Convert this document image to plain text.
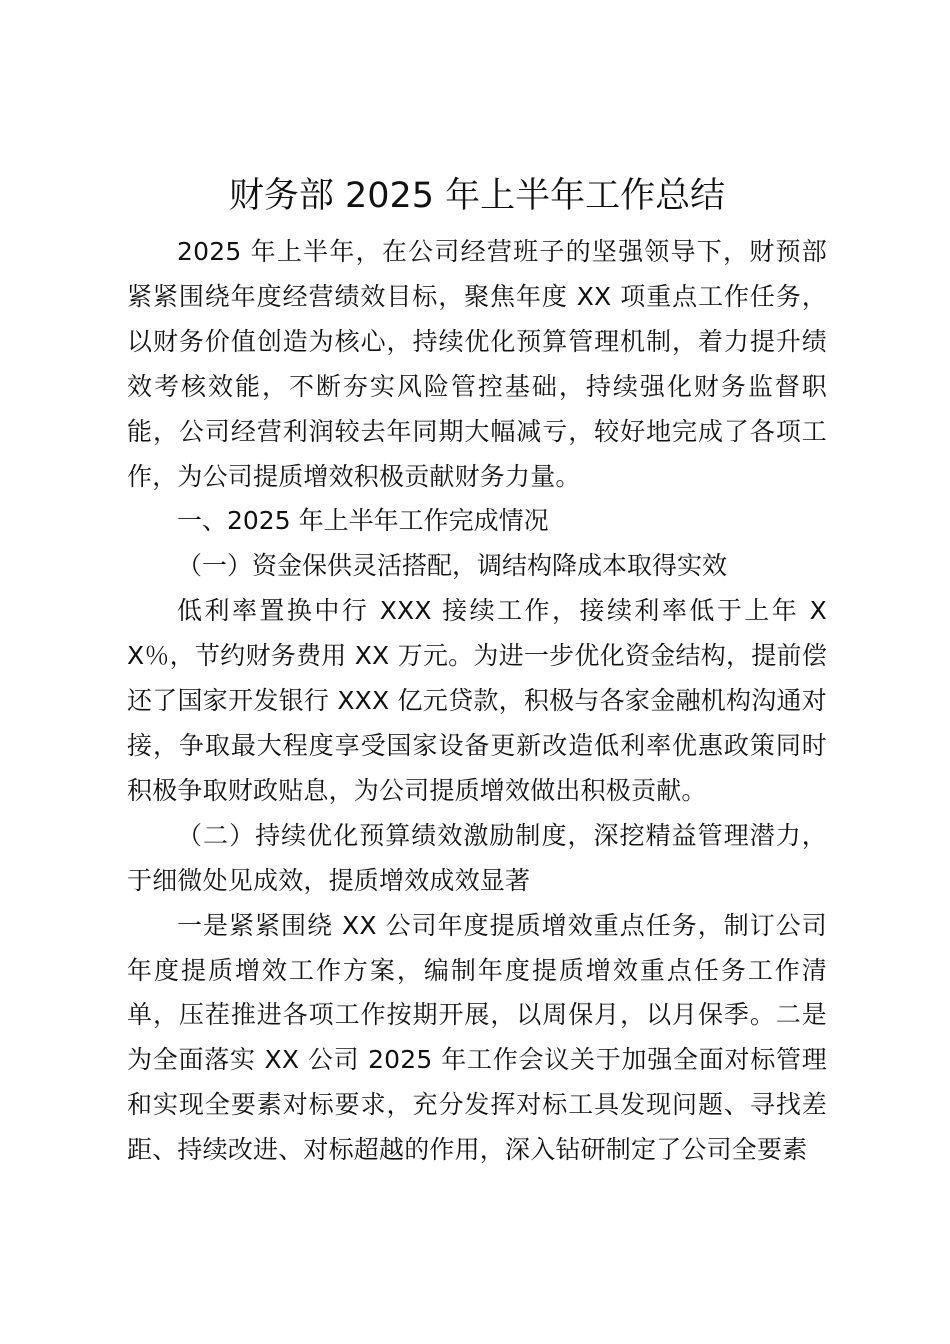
财务部 2025 年上半年工作总结

2025 年上半年，在公司经营班子的坚强领导下，财预部紧紧围绕年度经营绩效目标，聚焦年度 XX 项重点工作任务，以财务价值创造为核心，持续优化预算管理机制，着力提升绩效考核效能，不断夯实风险管控基础，持续强化财务监督职能，公司经营利润较去年同期大幅减亏，较好地完成了各项工作，为公司提质增效积极贡献财务力量。

一、2025 年上半年工作完成情况

（一）资金保供灵活搭配，调结构降成本取得实效

低利率置换中行 XXX 接续工作，接续利率低于上年 XX％，节约财务费用 XX 万元。为进一步优化资金结构，提前偿还了国家开发银行 XXX 亿元贷款，积极与各家金融机构沟通对接，争取最大程度享受国家设备更新改造低利率优惠政策同时积极争取财政贴息，为公司提质增效做出积极贡献。

（二）持续优化预算绩效激励制度，深挖精益管理潜力，于细微处见成效，提质增效成效显著

一是紧紧围绕 XX 公司年度提质增效重点任务，制订公司年度提质增效工作方案，编制年度提质增效重点任务工作清单，压茬推进各项工作按期开展，以周保月，以月保季。二是为全面落实 XX 公司 2025 年工作会议关于加强全面对标管理和实现全要素对标要求，充分发挥对标工具发现问题、寻找差距、持续改进、对标超越的作用，深入钻研制定了公司全要素
